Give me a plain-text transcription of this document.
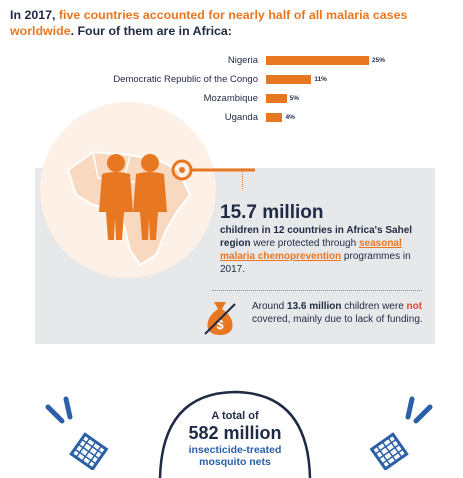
In 2017, five countries accounted for nearly half of all malaria cases worldwide. Four of them are in Africa:
Nigeria	25%
Democratic Republic of the Congo	11%
Mozambique	5%
Uganda	4%
15.7 million
children in 12 countries in Africa's Sahel region were protected through seasonal malaria chemoprevention programmes in 2017.
$
Around 13.6 million children were not covered, mainly due to lack of funding.
A total of
582 million
insecticide-treated
mosquito nets
